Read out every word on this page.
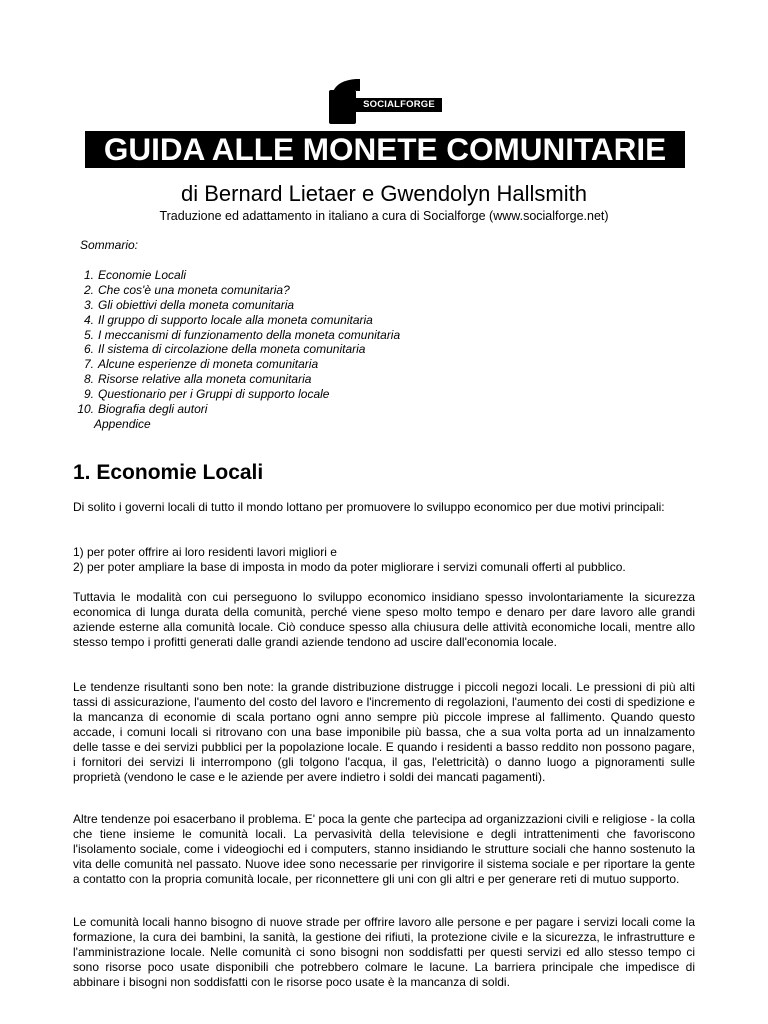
SOCIALFORGE
GUIDA ALLE MONETE COMUNITARIE
di Bernard Lietaer e Gwendolyn Hallsmith
Traduzione ed adattamento in italiano a cura di Socialforge (www.socialforge.net)
Sommario:
1. Economie Locali
2. Che cos'è una moneta comunitaria?
3. Gli obiettivi della moneta comunitaria
4. Il gruppo di supporto locale alla moneta comunitaria
5. I meccanismi di funzionamento della moneta comunitaria
6. Il sistema di circolazione della moneta comunitaria
7. Alcune esperienze di moneta comunitaria
8. Risorse relative alla moneta comunitaria
9. Questionario per i Gruppi di supporto locale
10. Biografia degli autori
Appendice
1. Economie Locali

Di solito i governi locali di tutto il mondo lottano per promuovere lo sviluppo economico per due motivi principali:

1) per poter offrire ai loro residenti lavori migliori e

2) per poter ampliare la base di imposta in modo da poter migliorare i servizi comunali offerti al pubblico.

Tuttavia le modalità con cui perseguono lo sviluppo economico insidiano spesso involontariamente la sicurezza economica di lunga durata della comunità, perché viene speso molto tempo e denaro per dare lavoro alle grandi aziende esterne alla comunità locale. Ciò conduce spesso alla chiusura delle attività economiche locali, mentre allo stesso tempo i profitti generati dalle grandi aziende tendono ad uscire dall'economia locale.

Le tendenze risultanti sono ben note: la grande distribuzione distrugge i piccoli negozi locali. Le pressioni di più alti tassi di assicurazione, l'aumento del costo del lavoro e l'incremento di regolazioni, l'aumento dei costi di spedizione e la mancanza di economie di scala portano ogni anno sempre più piccole imprese al fallimento. Quando questo accade, i comuni locali si ritrovano con una base imponibile più bassa, che a sua volta porta ad un innalzamento delle tasse e dei servizi pubblici per la popolazione locale. E quando i residenti a basso reddito non possono pagare, i fornitori dei servizi li interrompono (gli tolgono l'acqua, il gas, l'elettricità) o danno luogo a pignoramenti sulle proprietà (vendono le case e le aziende per avere indietro i soldi dei mancati pagamenti).

Altre tendenze poi esacerbano il problema. E' poca la gente che partecipa ad organizzazioni civili e religiose - la colla che tiene insieme le comunità locali. La pervasività della televisione e degli intrattenimenti che favoriscono l'isolamento sociale, come i videogiochi ed i computers, stanno insidiando le strutture sociali che hanno sostenuto la vita delle comunità nel passato. Nuove idee sono necessarie per rinvigorire il sistema sociale e per riportare la gente a contatto con la propria comunità locale, per riconnettere gli uni con gli altri e per generare reti di mutuo supporto.

Le comunità locali hanno bisogno di nuove strade per offrire lavoro alle persone e per pagare i servizi locali come la formazione, la cura dei bambini, la sanità, la gestione dei rifiuti, la protezione civile e la sicurezza, le infrastrutture e l'amministrazione locale. Nelle comunità ci sono bisogni non soddisfatti per questi servizi ed allo stesso tempo ci sono risorse poco usate disponibili che potrebbero colmare le lacune. La barriera principale che impedisce di abbinare i bisogni non soddisfatti con le risorse poco usate è la mancanza di soldi.
